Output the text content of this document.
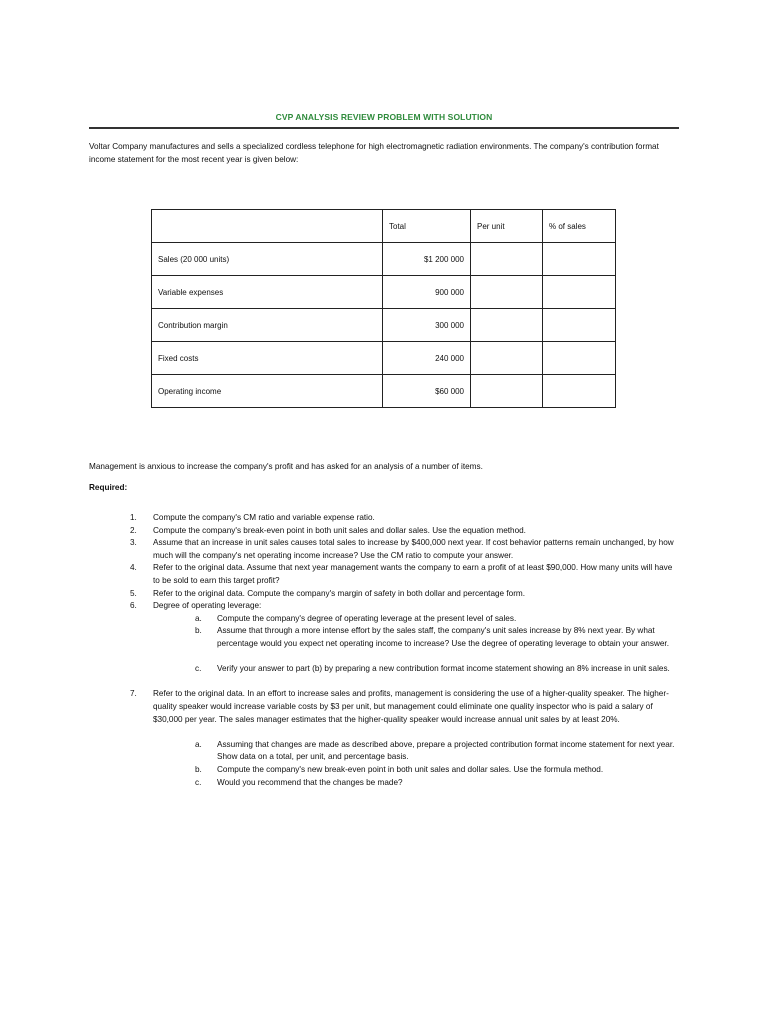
CVP ANALYSIS REVIEW PROBLEM WITH SOLUTION
Voltar Company manufactures and sells a specialized cordless telephone for high electromagnetic radiation environments. The company's contribution format income statement for the most recent year is given below:
	Total	Per unit	% of sales
Sales (20 000 units)	$1 200 000		
Variable expenses	900 000		
Contribution margin	300 000		
Fixed costs	240 000		
Operating income	$60 000		
Management is anxious to increase the company's profit and has asked for an analysis of a number of items.
Required:
1.	Compute the company's CM ratio and variable expense ratio.
2.	Compute the company's break-even point in both unit sales and dollar sales. Use the equation method.
3.	Assume that an increase in unit sales causes total sales to increase by $400,000 next year. If cost behavior patterns remain unchanged, by how much will the company's net operating income increase? Use the CM ratio to compute your answer.
4.	Refer to the original data. Assume that next year management wants the company to earn a profit of at least $90,000. How many units will have to be sold to earn this target profit?
5.	Refer to the original data. Compute the company's margin of safety in both dollar and percentage form.
6.	Degree of operating leverage:
a.	Compute the company's degree of operating leverage at the present level of sales.
b.	Assume that through a more intense effort by the sales staff, the company's unit sales increase by 8% next year. By what percentage would you expect net operating income to increase? Use the degree of operating leverage to obtain your answer.
c.	Verify your answer to part (b) by preparing a new contribution format income statement showing an 8% increase in unit sales.
7.	Refer to the original data. In an effort to increase sales and profits, management is considering the use of a higher-quality speaker. The higher-quality speaker would increase variable costs by $3 per unit, but management could eliminate one quality inspector who is paid a salary of $30,000 per year. The sales manager estimates that the higher-quality speaker would increase annual unit sales by at least 20%.
a.	Assuming that changes are made as described above, prepare a projected contribution format income statement for next year. Show data on a total, per unit, and percentage basis.
b.	Compute the company's new break-even point in both unit sales and dollar sales. Use the formula method.
c.	Would you recommend that the changes be made?
